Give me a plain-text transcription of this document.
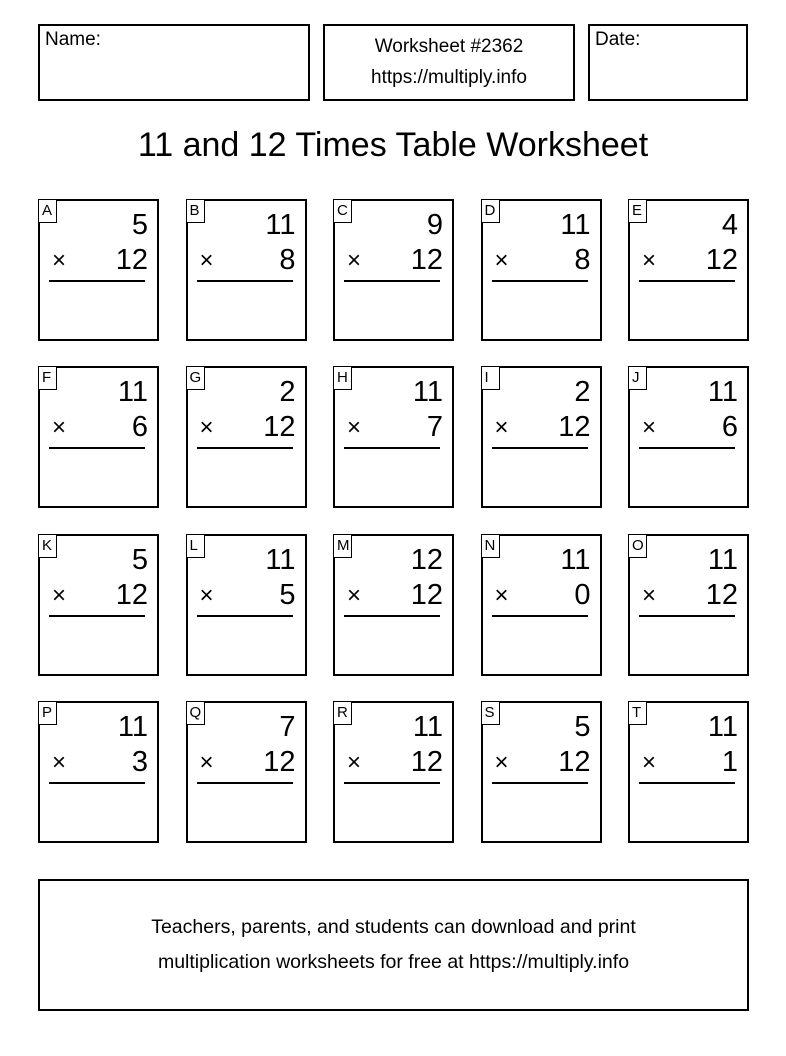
Name:	Worksheet #2362
https://multiply.info
Date:
11 and 12 Times Table Worksheet
A	5
× 12
B 11
× 8
C	9
× 12
D 11
× 8
E	4
× 12
F 11
× 6
G	2
× 12
H 11
× 7
I	2
× 12
J 11
× 6
K	5
× 12
L 11
× 5
M 12
× 12
N 11
× 0
O 11
× 12
P 11
× 3
Q	7
× 12
R 11
× 12
S	5
× 12
T 11
× 1
Teachers, parents, and students can download and print
multiplication worksheets for free at https://multiply.info
